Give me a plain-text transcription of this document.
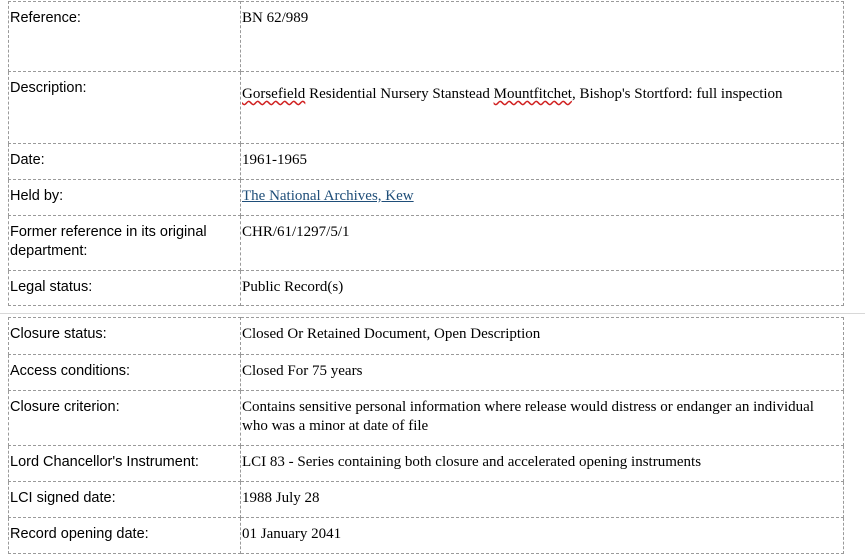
Reference:	BN 62/989

Description:	Gorsefield Residential Nursery Stanstead Mountfitchet, Bishop's Stortford: full inspection

Date:	1961-1965

Held by:	The National Archives, Kew

Former reference in its original department:	CHR/61/1297/5/1

Legal status:	Public Record(s)
Closure status:	Closed Or Retained Document, Open Description

Access conditions:	Closed For 75 years

Closure criterion:	Contains sensitive personal information where release would distress or endanger an individual who was a minor at date of file

Lord Chancellor's Instrument:	LCI 83 - Series containing both closure and accelerated opening instruments

LCI signed date:	1988 July 28

Record opening date:	01 January 2041
